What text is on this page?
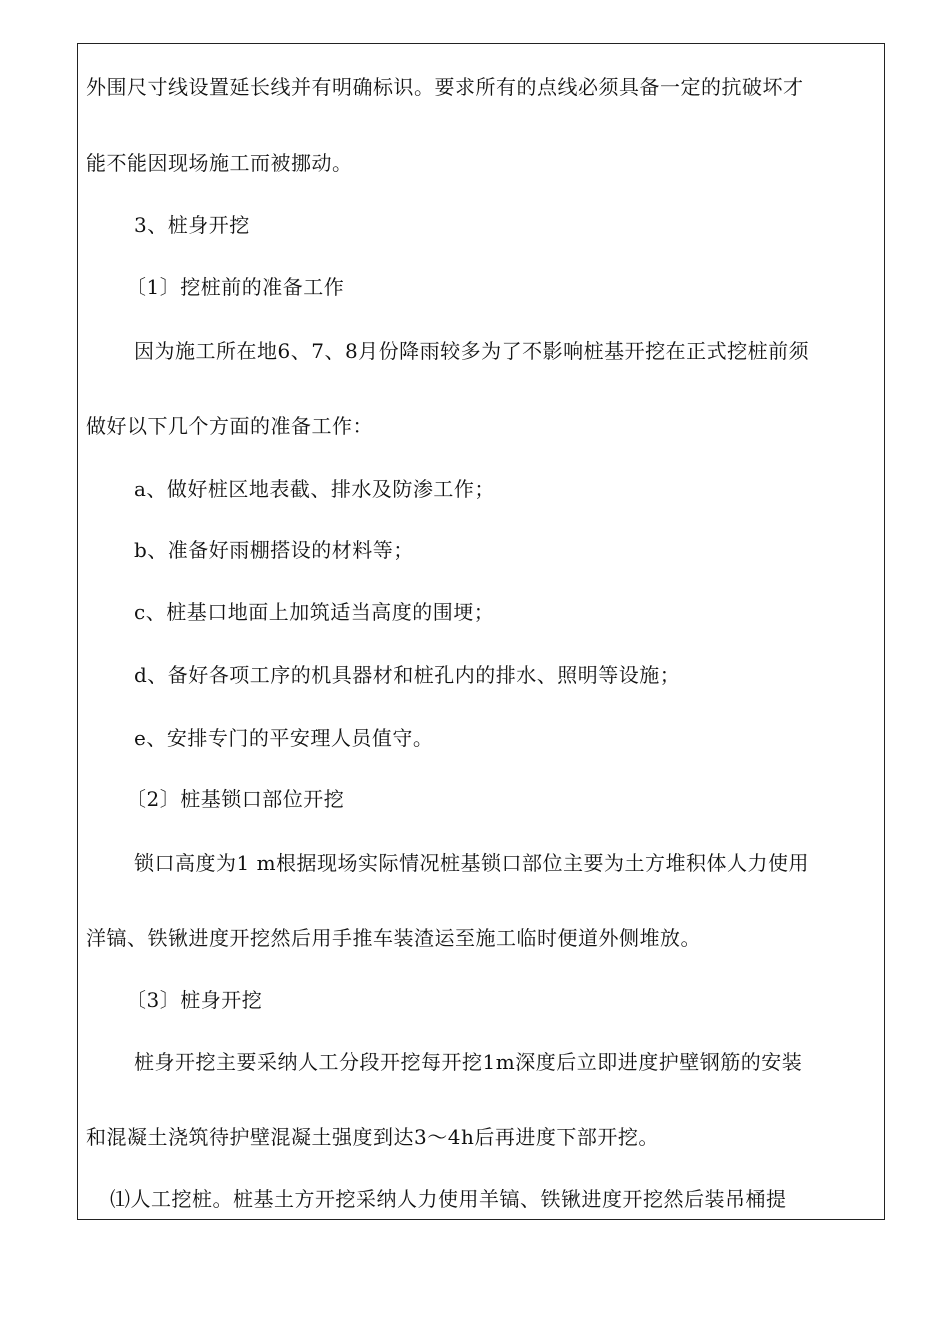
外围尺寸线设置延长线并有明确标识。要求所有的点线必须具备一定的抗破坏才
能不能因现场施工而被挪动。
3、桩身开挖
〔1〕挖桩前的准备工作
因为施工所在地6、7、8月份降雨较多为了不影响桩基开挖在正式挖桩前须
做好以下几个方面的准备工作：
a、做好桩区地表截、排水及防渗工作；
b、准备好雨棚搭设的材料等；
c、桩基口地面上加筑适当高度的围埂；
d、备好各项工序的机具器材和桩孔内的排水、照明等设施；
e、安排专门的平安理人员值守。
〔2〕桩基锁口部位开挖
锁口高度为1 m根据现场实际情况桩基锁口部位主要为土方堆积体人力使用
洋镐、铁锹进度开挖然后用手推车装渣运至施工临时便道外侧堆放。
〔3〕桩身开挖
桩身开挖主要采纳人工分段开挖每开挖1m深度后立即进度护壁钢筋的安装
和混凝土浇筑待护壁混凝土强度到达3～4h后再进度下部开挖。
⑴人工挖桩。桩基土方开挖采纳人力使用羊镐、铁锹进度开挖然后装吊桶提
